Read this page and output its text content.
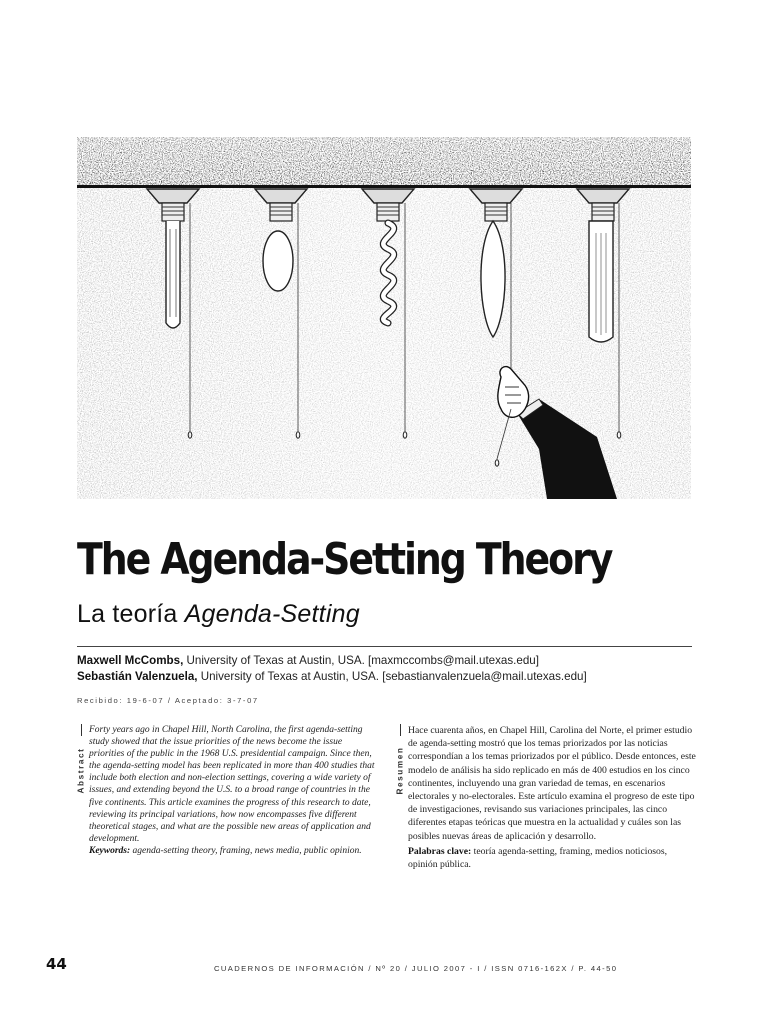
The Agenda-Setting Theory
La teoría Agenda-Setting
Maxwell McCombs, University of Texas at Austin, USA. [maxmccombs@mail.utexas.edu]
Sebastián Valenzuela, University of Texas at Austin, USA. [sebastianvalenzuela@mail.utexas.edu]
Recibido: 19-6-07 / Aceptado: 3-7-07
Abstract

Forty years ago in Chapel Hill, North Carolina, the first agenda-setting study showed that the issue priorities of the news become the issue priorities of the public in the 1968 U.S. presidential campaign. Since then, the agenda-setting model has been replicated in more than 400 studies that include both election and non-election settings, covering a wide variety of issues, and extending beyond the U.S. to a broad range of countries in the five continents. This article examines the progress of this research to date, reviewing its principal variations, how now encompasses five different theoretical stages, and what are the possible new areas of application and development.

Keywords: agenda-setting theory, framing, news media, public opinion.

Resumen

Hace cuarenta años, en Chapel Hill, Carolina del Norte, el primer estudio de agenda-setting mostró que los temas priorizados por las noticias correspondían a los temas priorizados por el público. Desde entonces, este modelo de análisis ha sido replicado en más de 400 estudios en los cinco continentes, incluyendo una gran variedad de temas, en escenarios electorales y no-electorales. Este artículo examina el progreso de este tipo de investigaciones, revisando sus variaciones principales, las cinco diferentes etapas teóricas que muestra en la actualidad y cuáles son las posibles nuevas áreas de aplicación y desarrollo.

Palabras clave: teoría agenda-setting, framing, medios noticiosos, opinión pública.

44	CUADERNOS DE INFORMACIÓN / Nº 20 / JULIO 2007 - I / ISSN 0716-162X / P. 44-50
